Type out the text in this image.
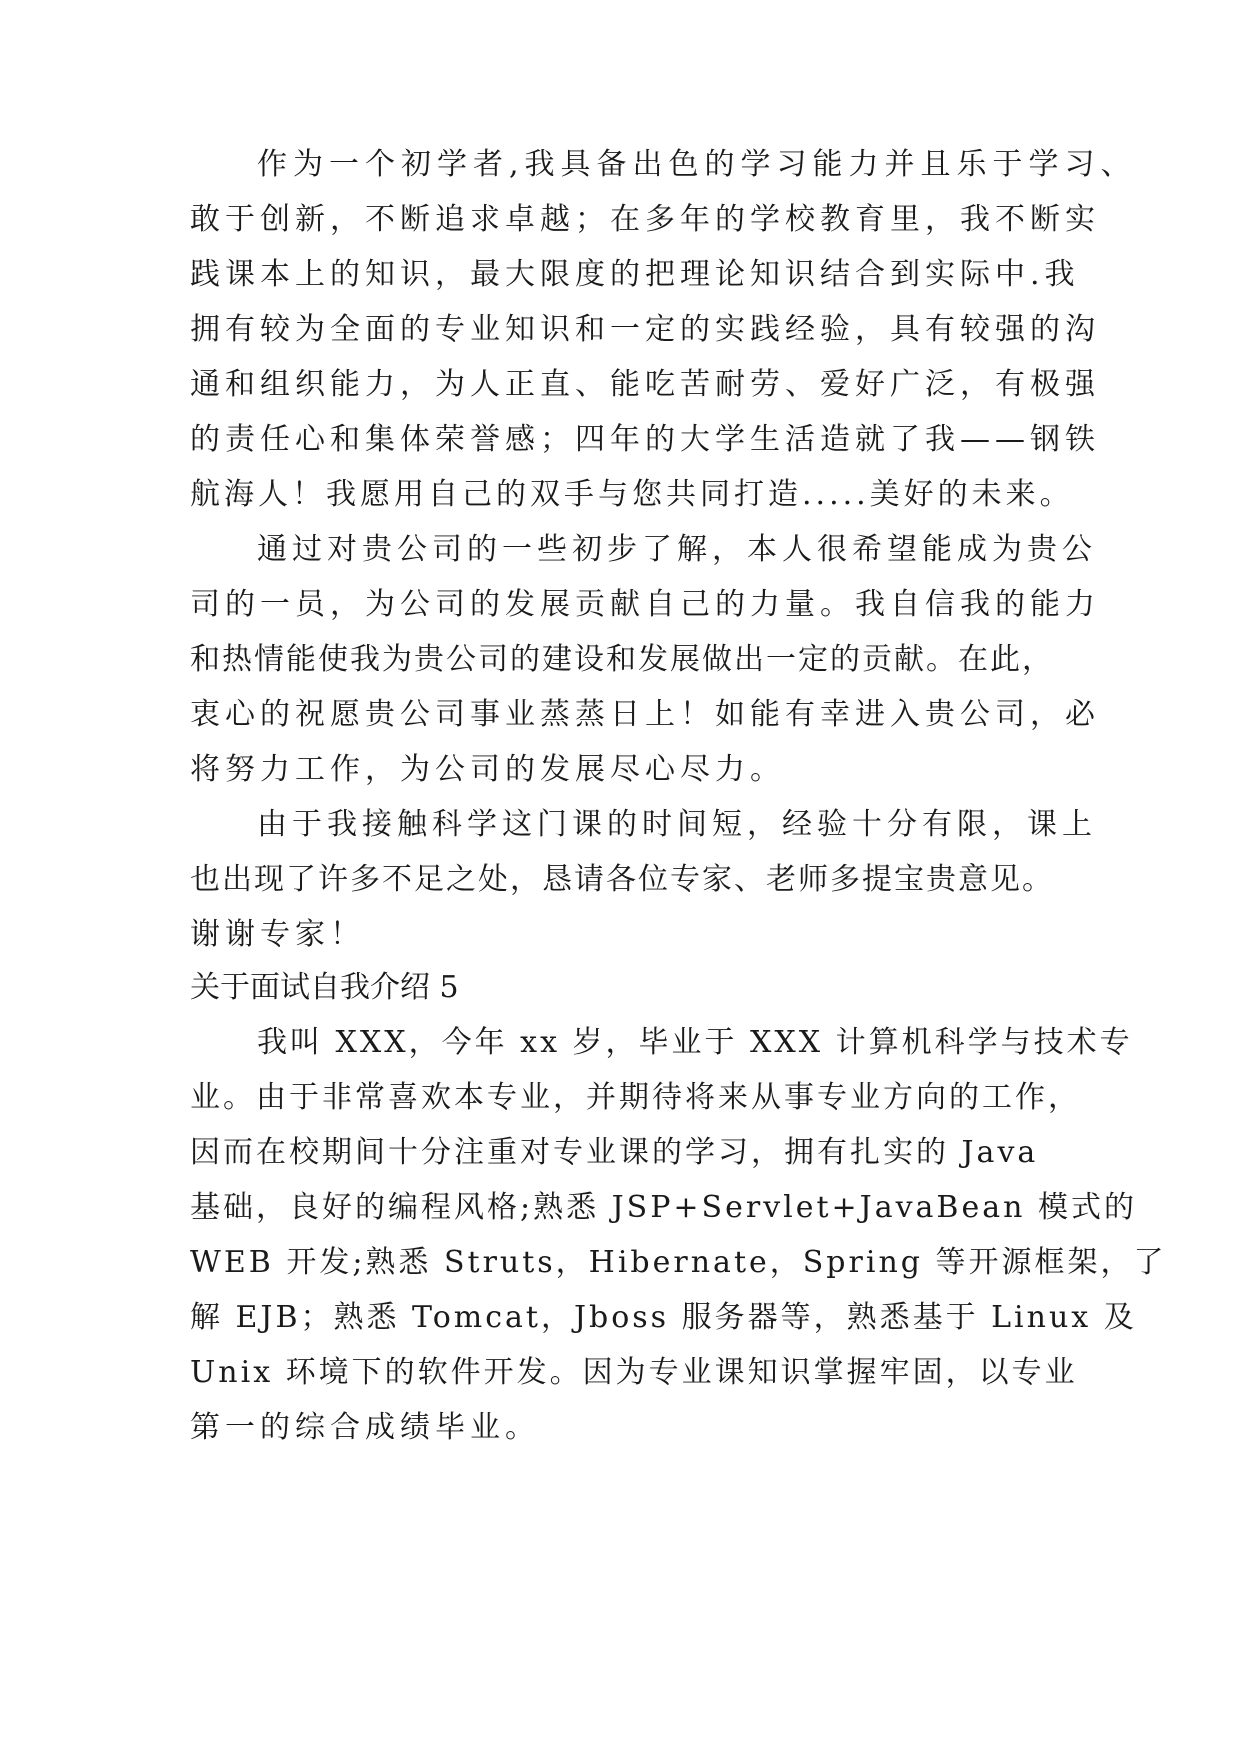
作为一个初学者,我具备出色的学习能力并且乐于学习、
敢于创新，不断追求卓越；在多年的学校教育里，我不断实
践课本上的知识，最大限度的把理论知识结合到实际中.我
拥有较为全面的专业知识和一定的实践经验，具有较强的沟
通和组织能力，为人正直、能吃苦耐劳、爱好广泛，有极强
的责任心和集体荣誉感；四年的大学生活造就了我——钢铁
航海人！我愿用自己的双手与您共同打造.....美好的未来。
通过对贵公司的一些初步了解，本人很希望能成为贵公
司的一员，为公司的发展贡献自己的力量。我自信我的能力
和热情能使我为贵公司的建设和发展做出一定的贡献。在此，
衷心的祝愿贵公司事业蒸蒸日上！如能有幸进入贵公司，必
将努力工作，为公司的发展尽心尽力。
由于我接触科学这门课的时间短，经验十分有限，课上
也出现了许多不足之处，恳请各位专家、老师多提宝贵意见。
谢谢专家！
关于面试自我介绍 5
我叫 XXX，今年 xx 岁，毕业于 XXX 计算机科学与技术专
业。由于非常喜欢本专业，并期待将来从事专业方向的工作，
因而在校期间十分注重对专业课的学习，拥有扎实的 Java
基础，良好的编程风格;熟悉 JSP+Servlet+JavaBean 模式的
WEB 开发;熟悉 Struts，Hibernate，Spring 等开源框架，了
解 EJB；熟悉 Tomcat，Jboss 服务器等，熟悉基于 Linux 及
Unix 环境下的软件开发。因为专业课知识掌握牢固，以专业
第一的综合成绩毕业。
